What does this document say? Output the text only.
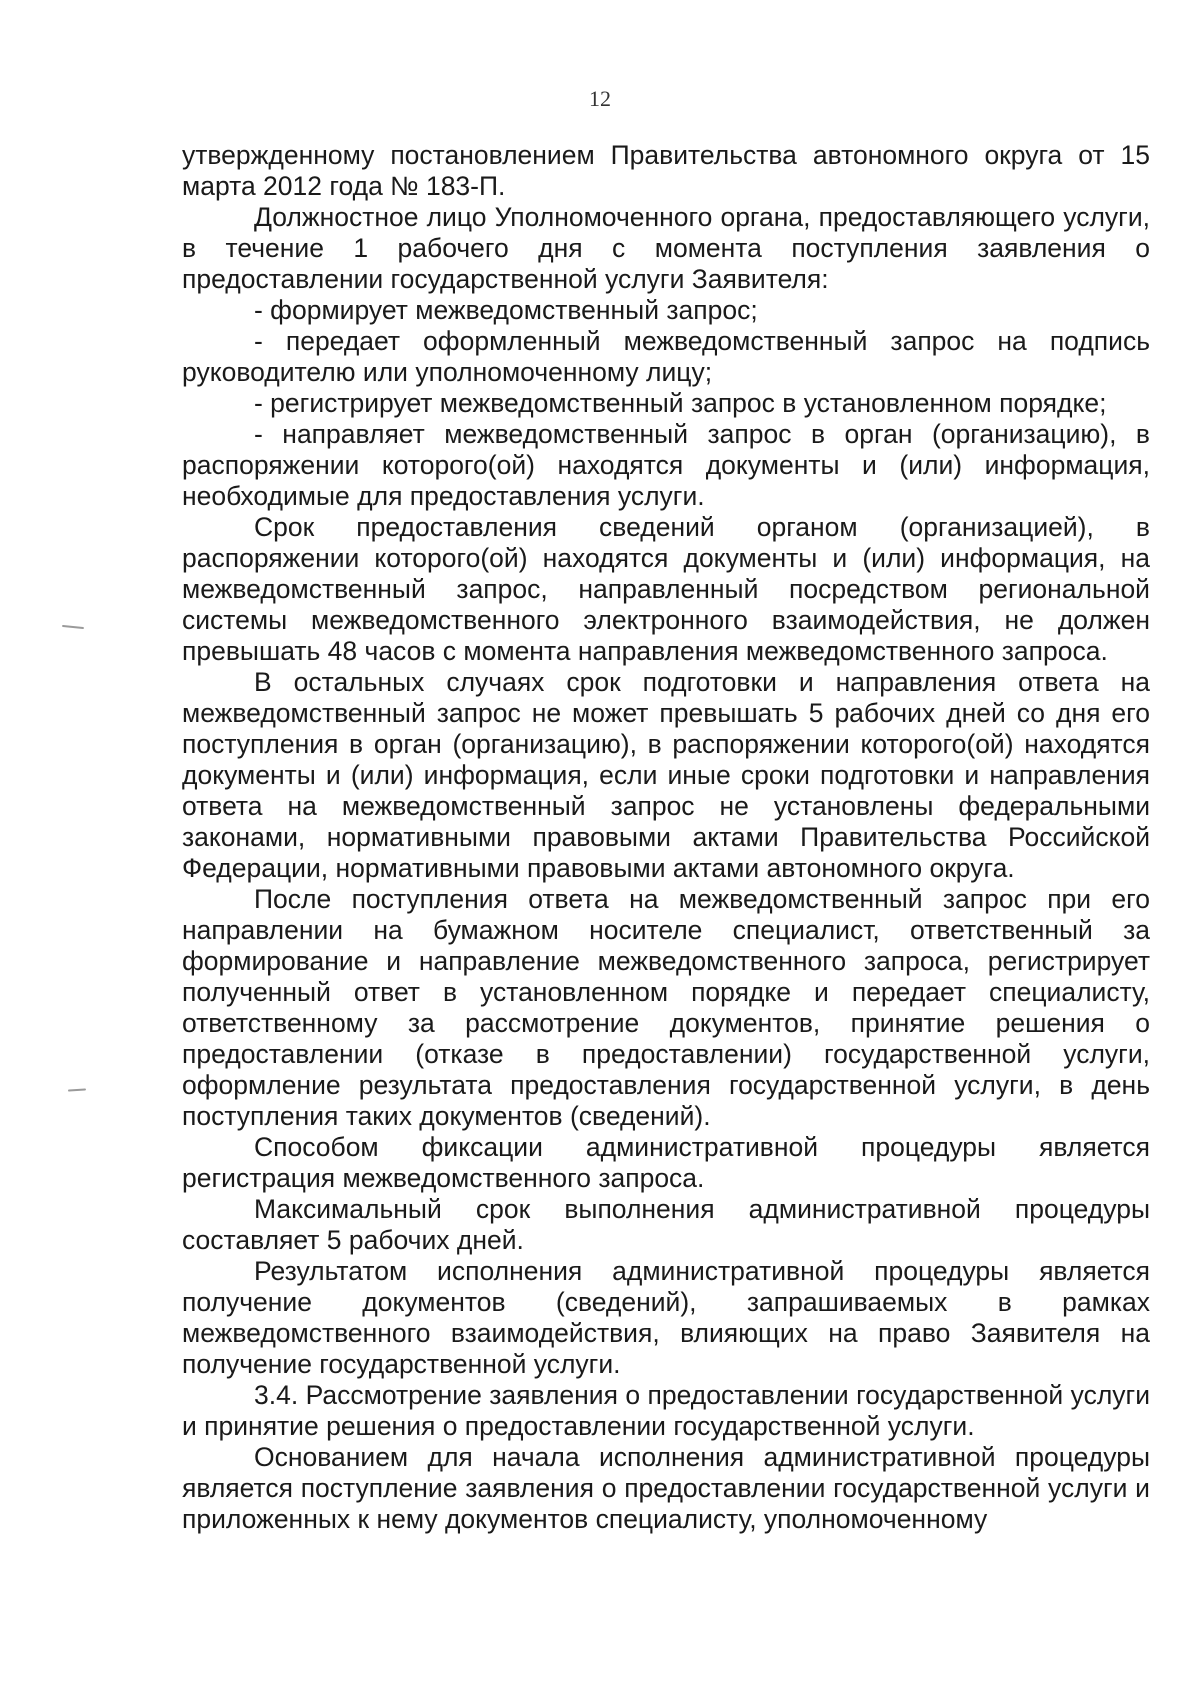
12

утвержденному постановлением Правительства автономного округа от 15 марта 2012 года № 183-П.

Должностное лицо Уполномоченного органа, предоставляющего услуги, в течение 1 рабочего дня с момента поступления заявления о предоставлении государственной услуги Заявителя:

- формирует межведомственный запрос;

- передает оформленный межведомственный запрос на подпись руководителю или уполномоченному лицу;

- регистрирует межведомственный запрос в установленном порядке;

- направляет межведомственный запрос в орган (организацию), в распоряжении которого(ой) находятся документы и (или) информация, необходимые для предоставления услуги.

Срок предоставления сведений органом (организацией), в распоряжении которого(ой) находятся документы и (или) информация, на межведомственный запрос, направленный посредством региональной системы межведомственного электронного взаимодействия, не должен превышать 48 часов с момента направления межведомственного запроса.

В остальных случаях срок подготовки и направления ответа на межведомственный запрос не может превышать 5 рабочих дней со дня его поступления в орган (организацию), в распоряжении которого(ой) находятся документы и (или) информация, если иные сроки подготовки и направления ответа на межведомственный запрос не установлены федеральными законами, нормативными правовыми актами Правительства Российской Федерации, нормативными правовыми актами автономного округа.

После поступления ответа на межведомственный запрос при его направлении на бумажном носителе специалист, ответственный за формирование и направление межведомственного запроса, регистрирует полученный ответ в установленном порядке и передает специалисту, ответственному за рассмотрение документов, принятие решения о предоставлении (отказе в предоставлении) государственной услуги, оформление результата предоставления государственной услуги, в день поступления таких документов (сведений).

Способом фиксации административной процедуры является регистрация межведомственного запроса.

Максимальный срок выполнения административной процедуры составляет 5 рабочих дней.

Результатом исполнения административной процедуры является получение документов (сведений), запрашиваемых в рамках межведомственного взаимодействия, влияющих на право Заявителя на получение государственной услуги.

3.4. Рассмотрение заявления о предоставлении государственной услуги и принятие решения о предоставлении государственной услуги.

Основанием для начала исполнения административной процедуры является поступление заявления о предоставлении государственной услуги и приложенных к нему документов специалисту, уполномоченному
